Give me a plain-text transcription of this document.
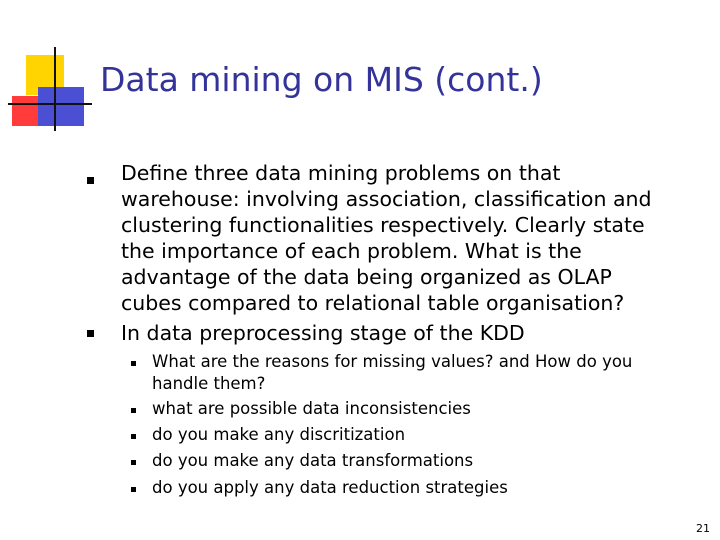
Data mining on MIS (cont.)
Define three data mining problems on that
warehouse: involving association, classification and
clustering functionalities respectively. Clearly state
the importance of each problem. What is the
advantage of the data being organized as OLAP
cubes compared to relational table organisation?
In data preprocessing stage of the KDD
What are the reasons for missing values? and How do you
handle them?
what are possible data inconsistencies
do you make any discritization
do you make any data transformations
do you apply any data reduction strategies
21
